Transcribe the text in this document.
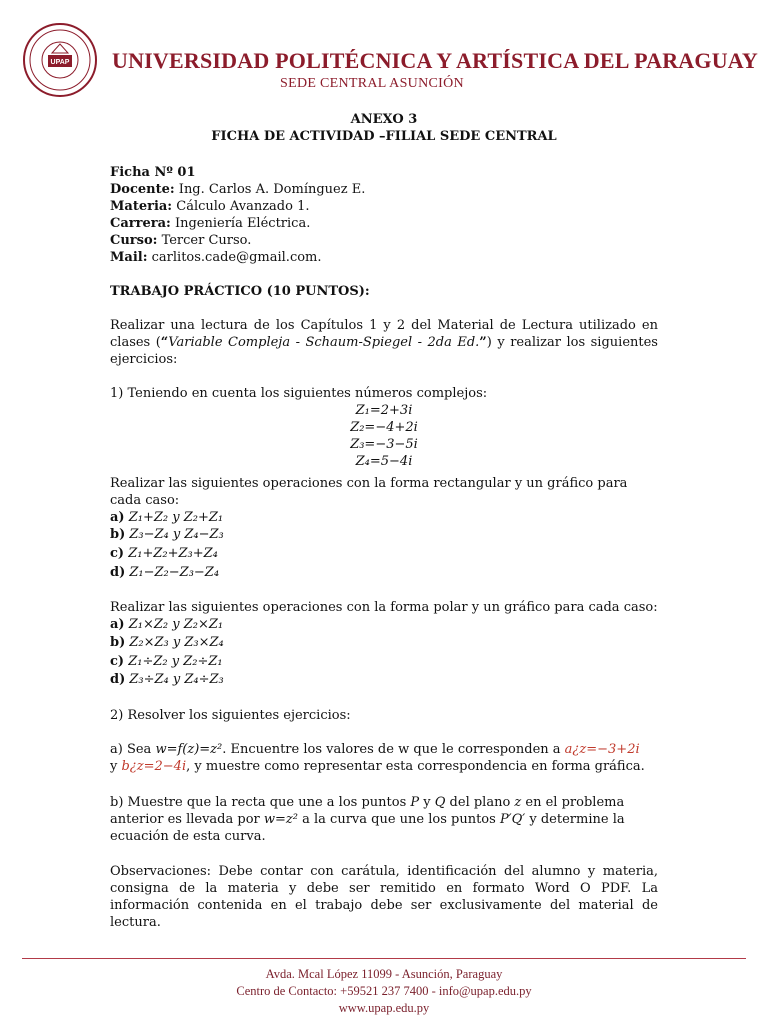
UPAP UNIVERSIDAD POLITÉCNICA Y ARTÍSTICA DEL PARAGUAY
SEDE CENTRAL ASUNCIÓN
ANEXO 3
FICHA DE ACTIVIDAD –FILIAL SEDE CENTRAL
Ficha Nº 01
Docente: Ing. Carlos A. Domínguez E.
Materia: Cálculo Avanzado 1.
Carrera: Ingeniería Eléctrica.
Curso: Tercer Curso.
Mail: carlitos.cade@gmail.com.
TRABAJO PRÁCTICO (10 PUNTOS):
Realizar una lectura de los Capítulos 1 y 2 del Material de Lectura utilizado en clases (“Variable Compleja - Schaum-Spiegel - 2da Ed.”) y realizar los siguientes ejercicios:
1) Teniendo en cuenta los siguientes números complejos:
Z₁=2+3i
Z₂=−4+2i
Z₃=−3−5i
Z₄=5−4i
Realizar las siguientes operaciones con la forma rectangular y un gráfico para cada caso:
a) Z₁+Z₂ y Z₂+Z₁
b) Z₃−Z₄ y Z₄−Z₃
c) Z₁+Z₂+Z₃+Z₄
d) Z₁−Z₂−Z₃−Z₄
Realizar las siguientes operaciones con la forma polar y un gráfico para cada caso:
a) Z₁×Z₂ y Z₂×Z₁
b) Z₂×Z₃ y Z₃×Z₄
c) Z₁÷Z₂ y Z₂÷Z₁
d) Z₃÷Z₄ y Z₄÷Z₃
2) Resolver los siguientes ejercicios:
a) Sea w=f(z)=z². Encuentre los valores de w que le corresponden a a¿z=−3+2i
y b¿z=2−4i, y muestre como representar esta correspondencia en forma gráfica.
b) Muestre que la recta que une a los puntos P y Q del plano z en el problema anterior es llevada por w=z² a la curva que une los puntos P′Q′ y determine la ecuación de esta curva.
Observaciones: Debe contar con carátula, identificación del alumno y materia, consigna de la materia y debe ser remitido en formato Word O PDF. La información contenida en el trabajo debe ser exclusivamente del material de lectura.
Avda. Mcal López 11099 - Asunción, Paraguay
Centro de Contacto: +59521 237 7400 - info@upap.edu.py
www.upap.edu.py
